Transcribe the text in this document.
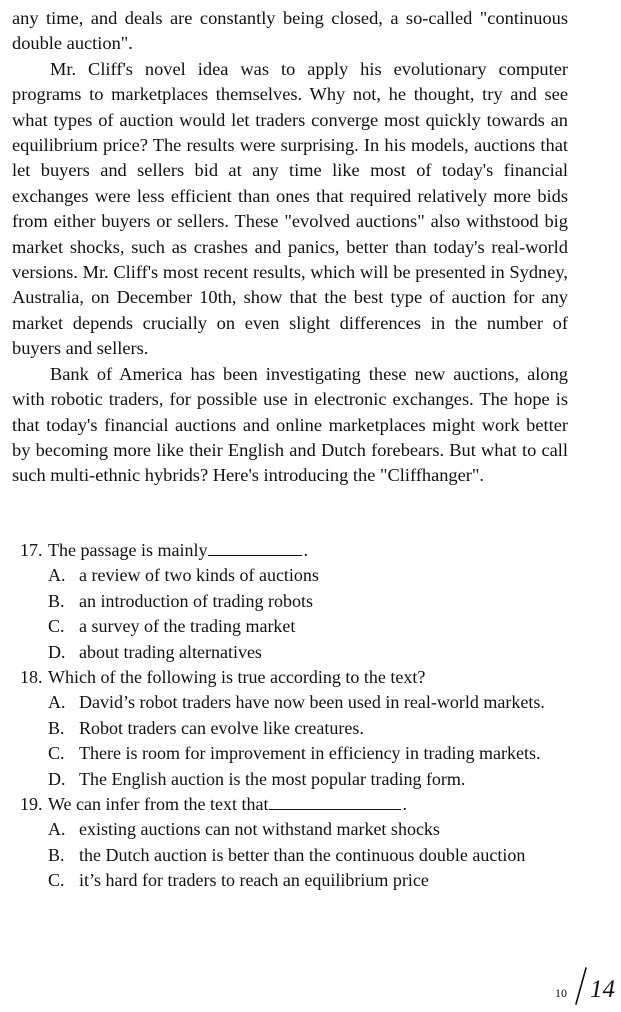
any time, and deals are constantly being closed, a so-called "continuous double auction".

Mr. Cliff's novel idea was to apply his evolutionary computer programs to marketplaces themselves. Why not, he thought, try and see what types of auction would let traders converge most quickly towards an equilibrium price? The results were surprising. In his models, auctions that let buyers and sellers bid at any time like most of today's financial exchanges were less efficient than ones that required relatively more bids from either buyers or sellers. These "evolved auctions" also withstood big market shocks, such as crashes and panics, better than today's real-world versions. Mr. Cliff's most recent results, which will be presented in Sydney, Australia, on December 10th, show that the best type of auction for any market depends crucially on even slight differences in the number of buyers and sellers.

Bank of America has been investigating these new auctions, along with robotic traders, for possible use in electronic exchanges. The hope is that today's financial auctions and online marketplaces might work better by becoming more like their English and Dutch forebears. But what to call such multi-ethnic hybrids? Here's introducing the "Cliffhanger".

17. The passage is mainly	.
A. a review of two kinds of auctions
B. an introduction of trading robots
C. a survey of the trading market
D. about trading alternatives
18. Which of the following is true according to the text?
A. David’s robot traders have now been used in real-world markets.
B. Robot traders can evolve like creatures.
C. There is room for improvement in efficiency in trading markets.
D. The English auction is the most popular trading form.
19. We can infer from the text that	.
A. existing auctions can not withstand market shocks
B. the Dutch auction is better than the continuous double auction
C. it’s hard for traders to reach an equilibrium price
10 14
